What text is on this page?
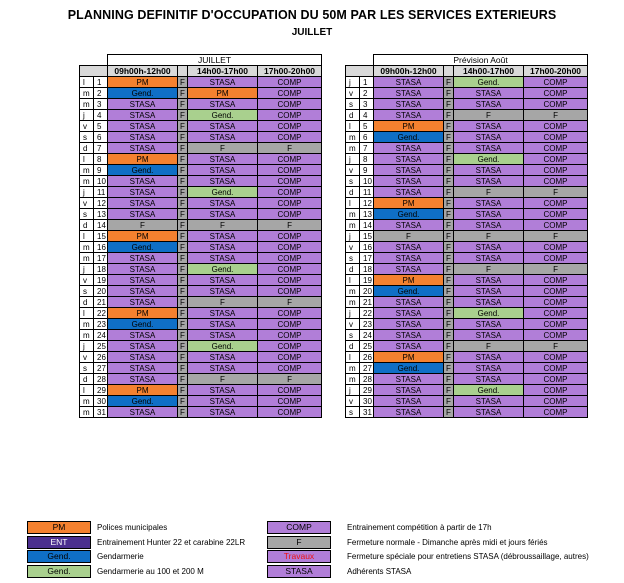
PLANNING DEFINITIF D'OCCUPATION DU 50M PAR LES SERVICES EXTERIEURS
JUILLET
		JUILLET			
		09h00h-12h00		14h00-17h00	17h00-20h00
l	1	PM	F	STASA	COMP
m	2	Gend.	F	PM	COMP
m	3	STASA	F	STASA	COMP
j	4	STASA	F	Gend.	COMP
v	5	STASA	F	STASA	COMP
s	6	STASA	F	STASA	COMP
d	7	STASA	F	F	F
l	8	PM	F	STASA	COMP
m	9	Gend.	F	STASA	COMP
m	10	STASA	F	STASA	COMP
j	11	STASA	F	Gend.	COMP
v	12	STASA	F	STASA	COMP
s	13	STASA	F	STASA	COMP
d	14	F	F	F	F
l	15	PM	F	STASA	COMP
m	16	Gend.	F	STASA	COMP
m	17	STASA	F	STASA	COMP
j	18	STASA	F	Gend.	COMP
v	19	STASA	F	STASA	COMP
s	20	STASA	F	STASA	COMP
d	21	STASA	F	F	F
l	22	PM	F	STASA	COMP
m	23	Gend.	F	STASA	COMP
m	24	STASA	F	STASA	COMP
j	25	STASA	F	Gend.	COMP
v	26	STASA	F	STASA	COMP
s	27	STASA	F	STASA	COMP
d	28	STASA	F	F	F
l	29	PM	F	STASA	COMP
m	30	Gend.	F	STASA	COMP
m	31	STASA	F	STASA	COMP
		Prévision Août			
		09h00h-12h00		14h00-17h00	17h00-20h00
j	1	STASA	F	Gend.	COMP
v	2	STASA	F	STASA	COMP
s	3	STASA	F	STASA	COMP
d	4	STASA	F	F	F
l	5	PM	F	STASA	COMP
m	6	Gend.	F	STASA	COMP
m	7	STASA	F	STASA	COMP
j	8	STASA	F	Gend.	COMP
v	9	STASA	F	STASA	COMP
s	10	STASA	F	STASA	COMP
d	11	STASA	F	F	F
l	12	PM	F	STASA	COMP
m	13	Gend.	F	STASA	COMP
m	14	STASA	F	STASA	COMP
j	15	F	F	F	F
v	16	STASA	F	STASA	COMP
s	17	STASA	F	STASA	COMP
d	18	STASA	F	F	F
l	19	PM	F	STASA	COMP
m	20	Gend.	F	STASA	COMP
m	21	STASA	F	STASA	COMP
j	22	STASA	F	Gend.	COMP
v	23	STASA	F	STASA	COMP
s	24	STASA	F	STASA	COMP
d	25	STASA	F	F	F
l	26	PM	F	STASA	COMP
m	27	Gend.	F	STASA	COMP
m	28	STASA	F	STASA	COMP
j	29	STASA	F	Gend.	COMP
v	30	STASA	F	STASA	COMP
s	31	STASA	F	STASA	COMP
PM	Polices municipales
ENT	Entrainement Hunter 22 et carabine 22LR
Gend.	Gendarmerie
Gend.	Gendarmerie au 100 et 200 M
COMP	Entrainement compétition à partir de 17h
F	Fermeture normale - Dimanche après midi et jours fériés
Travaux	Fermeture spéciale pour entretiens STASA (débroussaillage, autres)
STASA	Adhérents STASA
